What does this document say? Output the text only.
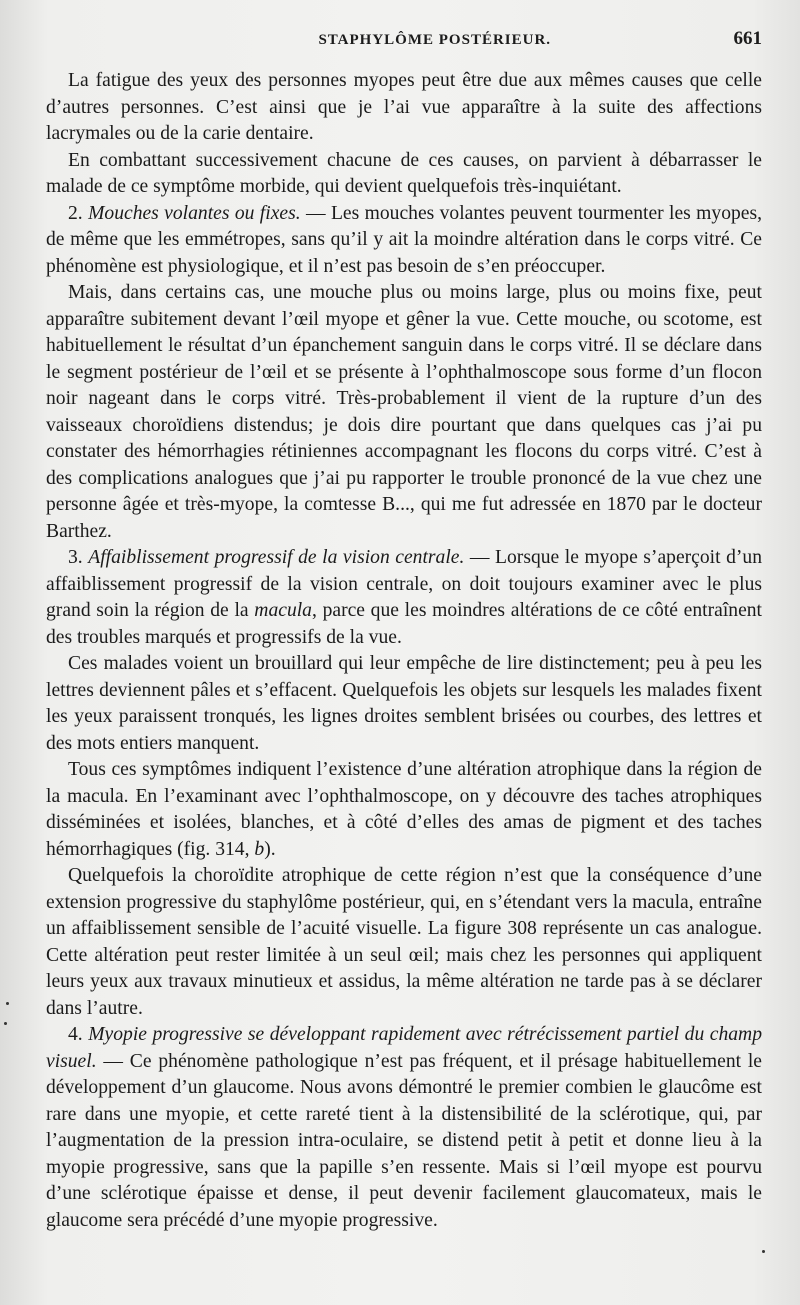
STAPHYLÔME POSTÉRIEUR.	661

La fatigue des yeux des personnes myopes peut être due aux mêmes causes que celle d’autres personnes. C’est ainsi que je l’ai vue apparaître à la suite des affections lacrymales ou de la carie dentaire.

En combattant successivement chacune de ces causes, on parvient à débarrasser le malade de ce symptôme morbide, qui devient quelquefois très-inquiétant.

2. Mouches volantes ou fixes. — Les mouches volantes peuvent tourmenter les myopes, de même que les emmétropes, sans qu’il y ait la moindre altération dans le corps vitré. Ce phénomène est physiologique, et il n’est pas besoin de s’en préoccuper.

Mais, dans certains cas, une mouche plus ou moins large, plus ou moins fixe, peut apparaître subitement devant l’œil myope et gêner la vue. Cette mouche, ou scotome, est habituellement le résultat d’un épanchement sanguin dans le corps vitré. Il se déclare dans le segment postérieur de l’œil et se présente à l’ophthalmoscope sous forme d’un flocon noir nageant dans le corps vitré. Très-probablement il vient de la rupture d’un des vaisseaux choroïdiens distendus; je dois dire pourtant que dans quelques cas j’ai pu constater des hémorrhagies rétiniennes accompagnant les flocons du corps vitré. C’est à des complications analogues que j’ai pu rapporter le trouble prononcé de la vue chez une personne âgée et très-myope, la comtesse B..., qui me fut adressée en 1870 par le docteur Barthez.

3. Affaiblissement progressif de la vision centrale. — Lorsque le myope s’aperçoit d’un affaiblissement progressif de la vision centrale, on doit toujours examiner avec le plus grand soin la région de la macula, parce que les moindres altérations de ce côté entraînent des troubles marqués et progressifs de la vue.

Ces malades voient un brouillard qui leur empêche de lire distinctement; peu à peu les lettres deviennent pâles et s’effacent. Quelquefois les objets sur lesquels les malades fixent les yeux paraissent tronqués, les lignes droites semblent brisées ou courbes, des lettres et des mots entiers manquent.

Tous ces symptômes indiquent l’existence d’une altération atrophique dans la région de la macula. En l’examinant avec l’ophthalmoscope, on y découvre des taches atrophiques disséminées et isolées, blanches, et à côté d’elles des amas de pigment et des taches hémorrhagiques (fig. 314, b).

Quelquefois la choroïdite atrophique de cette région n’est que la conséquence d’une extension progressive du staphylôme postérieur, qui, en s’étendant vers la macula, entraîne un affaiblissement sensible de l’acuité visuelle. La figure 308 représente un cas analogue. Cette altération peut rester limitée à un seul œil; mais chez les personnes qui appliquent leurs yeux aux travaux minutieux et assidus, la même altération ne tarde pas à se déclarer dans l’autre.

4. Myopie progressive se développant rapidement avec rétrécissement partiel du champ visuel. — Ce phénomène pathologique n’est pas fréquent, et il présage habituellement le développement d’un glaucome. Nous avons démontré le premier combien le glaucôme est rare dans une myopie, et cette rareté tient à la distensibilité de la sclérotique, qui, par l’augmentation de la pression intra-oculaire, se distend petit à petit et donne lieu à la myopie progressive, sans que la papille s’en ressente. Mais si l’œil myope est pourvu d’une sclérotique épaisse et dense, il peut devenir facilement glaucomateux, mais le glaucome sera précédé d’une myopie progressive.
